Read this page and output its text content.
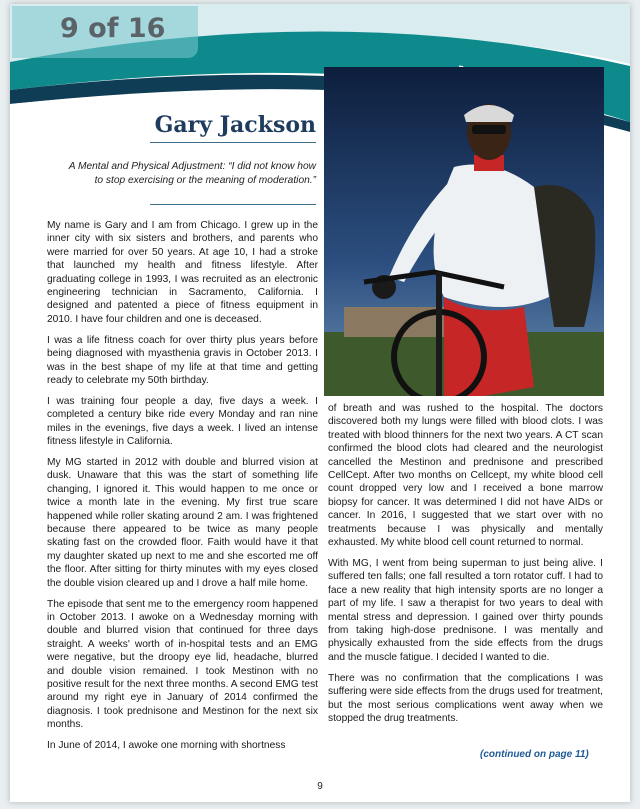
9 of 16
Gary Jackson
A Mental and Physical Adjustment: “I did not know how to stop exercising or the meaning of moderation.”

My name is Gary and I am from Chicago. I grew up in the inner city with six sisters and brothers, and parents who were married for over 50 years. At age 10, I had a stroke that launched my health and fitness lifestyle. After graduating college in 1993, I was recruited as an electronic engineering technician in Sacramento, California. I designed and patented a piece of fitness equipment in 2010. I have four children and one is deceased.

I was a life fitness coach for over thirty plus years before being diagnosed with myasthenia gravis in October 2013. I was in the best shape of my life at that time and getting ready to celebrate my 50th birthday.

I was training four people a day, five days a week. I completed a century bike ride every Monday and ran nine miles in the evenings, five days a week. I lived an intense fitness lifestyle in California.

My MG started in 2012 with double and blurred vision at dusk. Unaware that this was the start of something life changing, I ignored it. This would happen to me once or twice a month late in the evening. My first true scare happened while roller skating around 2 am. I was frightened because there appeared to be twice as many people skating fast on the crowded floor. Faith would have it that my daughter skated up next to me and she escorted me off the floor. After sitting for thirty minutes with my eyes closed the double vision cleared up and I drove a half mile home.

The episode that sent me to the emergency room happened in October 2013. I awoke on a Wednesday morning with double and blurred vision that continued for three days straight. A weeks' worth of in-hospital tests and an EMG were negative, but the droopy eye lid, headache, blurred and double vision remained. I took Mestinon with no positive result for the next three months. A second EMG test around my right eye in January of 2014 confirmed the diagnosis. I took prednisone and Mestinon for the next six months.

In June of 2014, I awoke one morning with shortness

of breath and was rushed to the hospital. The doctors discovered both my lungs were filled with blood clots. I was treated with blood thinners for the next two years. A CT scan confirmed the blood clots had cleared and the neurologist cancelled the Mestinon and prednisone and prescribed CellCept. After two months on Cellcept, my white blood cell count dropped very low and I received a bone marrow biopsy for cancer. It was determined I did not have AIDs or cancer. In 2016, I suggested that we start over with no treatments because I was physically and mentally exhausted. My white blood cell count returned to normal.

With MG, I went from being superman to just being alive. I suffered ten falls; one fall resulted a torn rotator cuff. I had to face a new reality that high intensity sports are no longer a part of my life. I saw a therapist for two years to deal with mental stress and depression. I gained over thirty pounds from taking high-dose prednisone. I was mentally and physically exhausted from the side effects from the drugs and the muscle fatigue. I decided I wanted to die.

There was no confirmation that the complications I was suffering were side effects from the drugs used for treatment, but the most serious complications went away when we stopped the drug treatments.

(continued on page 11)
9
